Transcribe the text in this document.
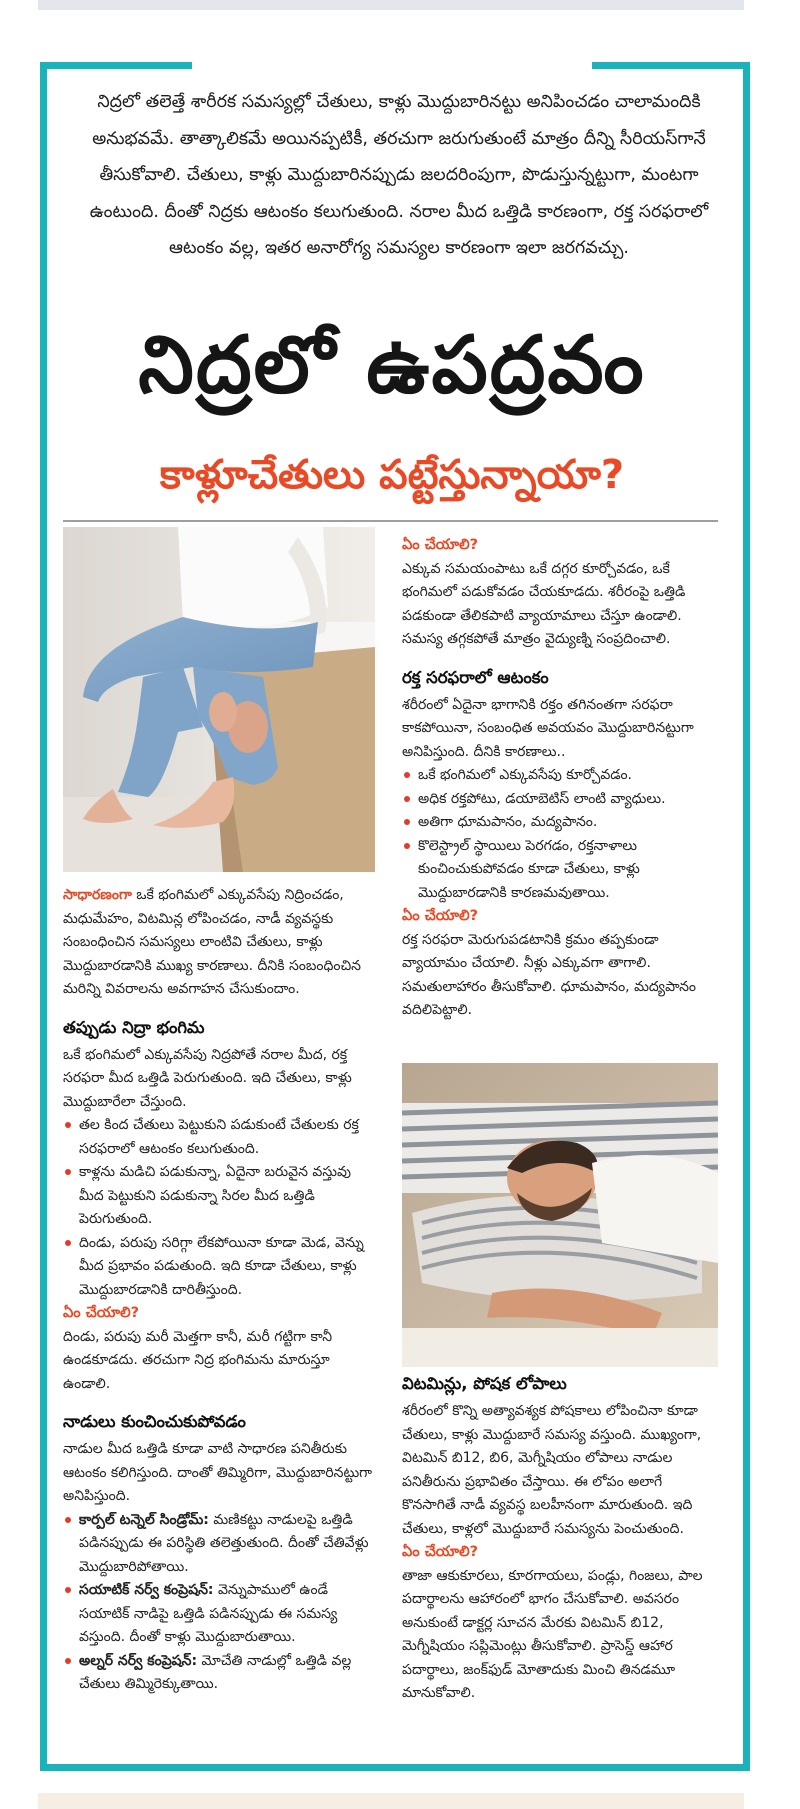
నిద్రలో తలెత్తే శారీరక సమస్యల్లో చేతులు, కాళ్లు మొద్దుబారినట్టు అనిపించడం చాలామందికి అనుభవమే. తాత్కాలికమే అయినప్పటికీ, తరచుగా జరుగుతుంటే మాత్రం దీన్ని సీరియస్‌గానే తీసుకోవాలి. చేతులు, కాళ్లు మొద్దుబారినప్పుడు జలదరింపుగా, పొడుస్తున్నట్టుగా, మంటగా ఉంటుంది. దీంతో నిద్రకు ఆటంకం కలుగుతుంది. నరాల మీద ఒత్తిడి కారణంగా, రక్త సరఫరాలో ఆటంకం వల్ల, ఇతర అనారోగ్య సమస్యల కారణంగా ఇలా జరగవచ్చు.
నిద్రలో ఉపద్రవం
కాళ్లూచేతులు పట్టేస్తున్నాయా?

సాధారణంగా ఒకే భంగిమలో ఎక్కువసేపు నిద్రించడం, మధుమేహం, విటమిన్ల లోపించడం, నాడీ వ్యవస్థకు సంబంధించిన సమస్యలు లాంటివి చేతులు, కాళ్లు మొద్దుబారడానికి ముఖ్య కారణాలు. దీనికి సంబంధించిన మరిన్ని వివరాలను అవగాహన చేసుకుందాం.

తప్పుడు నిద్రా భంగిమ

ఒకే భంగిమలో ఎక్కువసేపు నిద్రపోతే నరాల మీద, రక్త సరఫరా మీద ఒత్తిడి పెరుగుతుంది. ఇది చేతులు, కాళ్లు మొద్దుబారేలా చేస్తుంది.

తల కింద చేతులు పెట్టుకుని పడుకుంటే చేతులకు రక్త సరఫరాలో ఆటంకం కలుగుతుంది.
కాళ్లను మడిచి పడుకున్నా, ఏదైనా బరువైన వస్తువు మీద పెట్టుకుని పడుకున్నా సిరల మీద ఒత్తిడి పెరుగుతుంది.
దిండు, పరుపు సరిగ్గా లేకపోయినా కూడా మెడ, వెన్ను మీద ప్రభావం పడుతుంది. ఇది కూడా చేతులు, కాళ్లు మొద్దుబారడానికి దారితీస్తుంది.

ఏం చేయాలి?

దిండు, పరుపు మరీ మెత్తగా కానీ, మరీ గట్టిగా కానీ ఉండకూడదు. తరచుగా నిద్ర భంగిమను మారుస్తూ ఉండాలి.

నాడులు కుంచించుకుపోవడం

నాడుల మీద ఒత్తిడి కూడా వాటి సాధారణ పనితీరుకు ఆటంకం కలిగిస్తుంది. దాంతో తిమ్మిరిగా, మొద్దుబారినట్టుగా అనిపిస్తుంది.

కార్పల్ టన్నెల్ సిండ్రోమ్: మణికట్టు నాడులపై ఒత్తిడి పడినప్పుడు ఈ పరిస్థితి తలెత్తుతుంది. దీంతో చేతివేళ్లు మొద్దుబారిపోతాయి.
సయాటిక్ నర్వ్ కంప్రెషన్: వెన్నుపాములో ఉండే సయాటిక్ నాడిపై ఒత్తిడి పడినప్పుడు ఈ సమస్య వస్తుంది. దీంతో కాళ్లు మొద్దుబారుతాయి.
అల్నర్ నర్వ్ కంప్రెషన్: మోచేతి నాడుల్లో ఒత్తిడి వల్ల చేతులు తిమ్మిరెక్కుతాయి.

ఏం చేయాలి?

ఎక్కువ సమయంపాటు ఒకే దగ్గర కూర్చోవడం, ఒకే భంగిమలో పడుకోవడం చేయకూడదు. శరీరంపై ఒత్తిడి పడకుండా తేలికపాటి వ్యాయామాలు చేస్తూ ఉండాలి. సమస్య తగ్గకపోతే మాత్రం వైద్యుణ్ని సంప్రదించాలి.

రక్త సరఫరాలో ఆటంకం

శరీరంలో ఏదైనా భాగానికి రక్తం తగినంతగా సరఫరా కాకపోయినా, సంబంధిత అవయవం మొద్దుబారినట్టుగా అనిపిస్తుంది. దీనికి కారణాలు..

ఒకే భంగిమలో ఎక్కువసేపు కూర్చోవడం.
అధిక రక్తపోటు, డయాబెటిస్ లాంటి వ్యాధులు.
అతిగా ధూమపానం, మద్యపానం.
కొలెస్ట్రాల్ స్థాయిలు పెరగడం, రక్తనాళాలు కుంచించుకుపోవడం కూడా చేతులు, కాళ్లు మొద్దుబారడానికి కారణమవుతాయి.

ఏం చేయాలి?

రక్త సరఫరా మెరుగుపడటానికి క్రమం తప్పకుండా వ్యాయామం చేయాలి. నీళ్లు ఎక్కువగా తాగాలి. సమతులాహారం తీసుకోవాలి. ధూమపానం, మద్యపానం వదిలిపెట్టాలి.

విటమిన్లు, పోషక లోపాలు

శరీరంలో కొన్ని అత్యావశ్యక పోషకాలు లోపించినా కూడా చేతులు, కాళ్లు మొద్దుబారే సమస్య వస్తుంది. ముఖ్యంగా, విటమిన్ బి12, బి6, మెగ్నీషియం లోపాలు నాడుల పనితీరును ప్రభావితం చేస్తాయి. ఈ లోపం అలాగే కొనసాగితే నాడీ వ్యవస్థ బలహీనంగా మారుతుంది. ఇది చేతులు, కాళ్లలో మొద్దుబారే సమస్యను పెంచుతుంది.

ఏం చేయాలి?

తాజా ఆకుకూరలు, కూరగాయలు, పండ్లు, గింజలు, పాల పదార్థాలను ఆహారంలో భాగం చేసుకోవాలి. అవసరం అనుకుంటే డాక్టర్ల సూచన మేరకు విటమిన్ బి12, మెగ్నీషియం సప్లిమెంట్లు తీసుకోవాలి. ప్రాసెస్డ్ ఆహార పదార్థాలు, జంక్‌ఫుడ్ మోతాదుకు మించి తినడమూ మానుకోవాలి.
